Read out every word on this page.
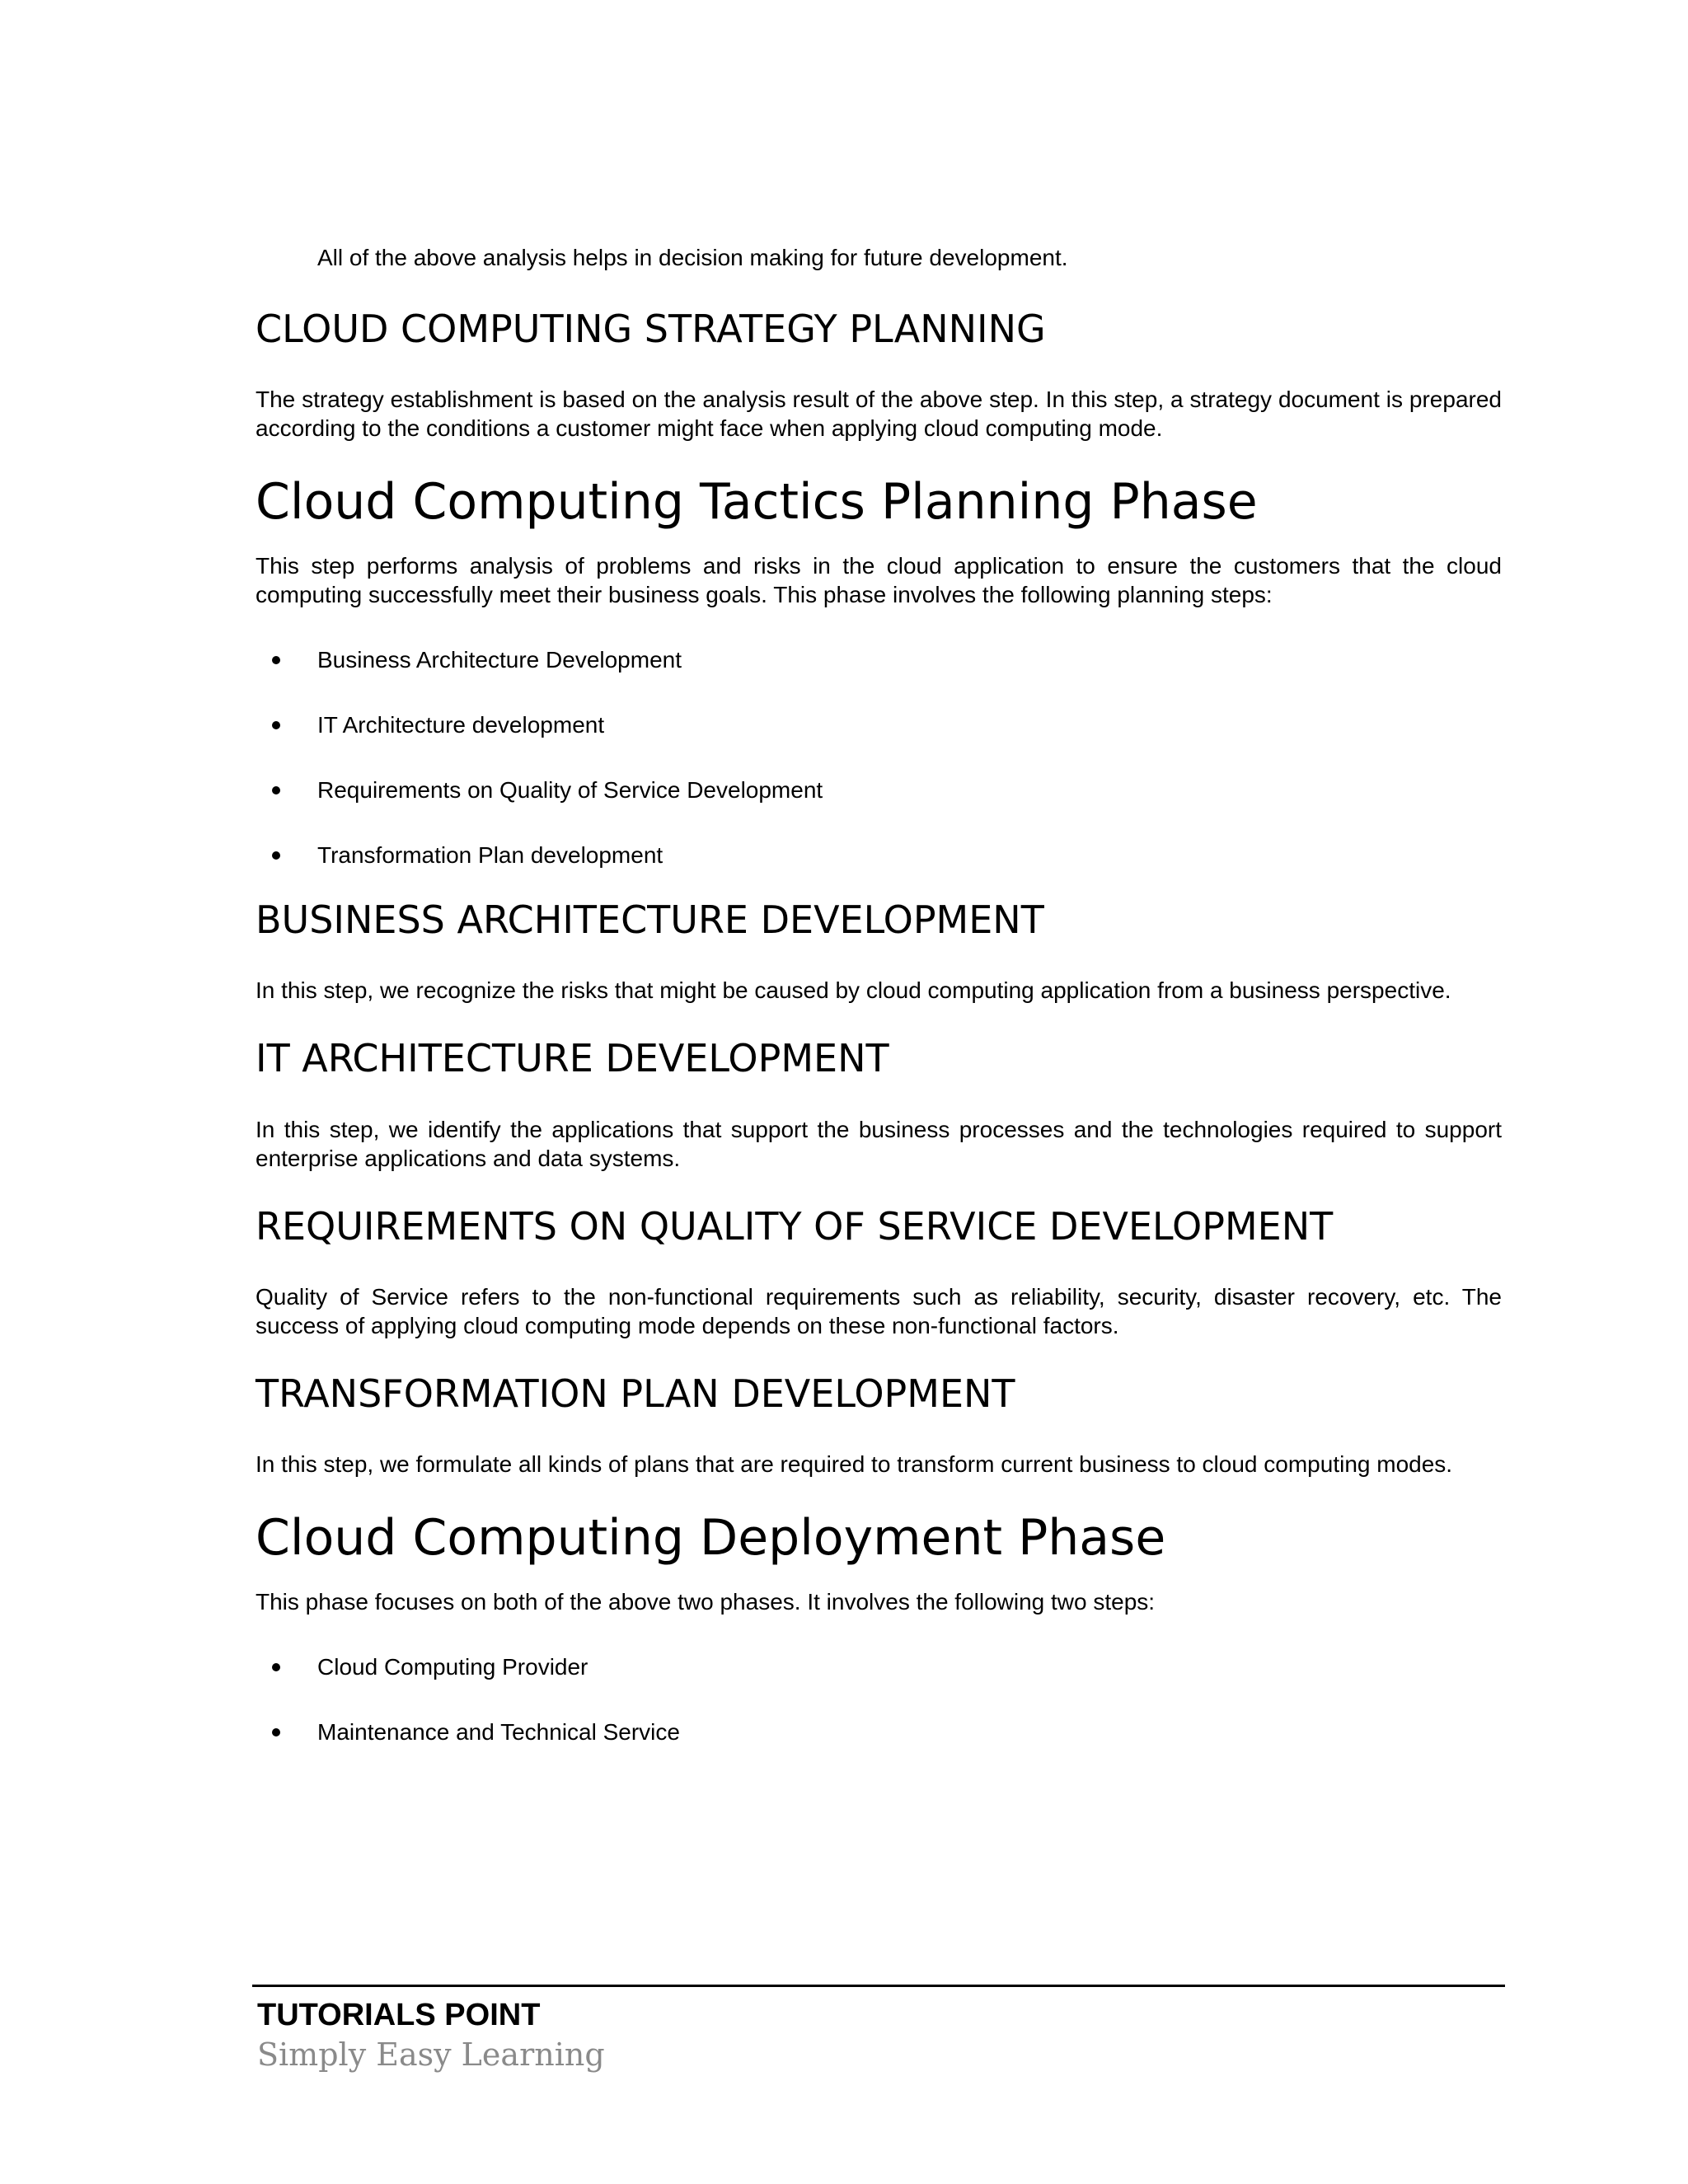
All of the above analysis helps in decision making for future development.

CLOUD COMPUTING STRATEGY PLANNING

The strategy establishment is based on the analysis result of the above step. In this step, a strategy document is prepared according to the conditions a customer might face when applying cloud computing mode.

Cloud Computing Tactics Planning Phase

This step performs analysis of problems and risks in the cloud application to ensure the customers that the cloud computing successfully meet their business goals. This phase involves the following planning steps:

Business Architecture Development
IT Architecture development
Requirements on Quality of Service Development
Transformation Plan development
BUSINESS ARCHITECTURE DEVELOPMENT

In this step, we recognize the risks that might be caused by cloud computing application from a business perspective.

IT ARCHITECTURE DEVELOPMENT

In this step, we identify the applications that support the business processes and the technologies required to support enterprise applications and data systems.

REQUIREMENTS ON QUALITY OF SERVICE DEVELOPMENT

Quality of Service refers to the non-functional requirements such as reliability, security, disaster recovery, etc. The success of applying cloud computing mode depends on these non-functional factors.

TRANSFORMATION PLAN DEVELOPMENT

In this step, we formulate all kinds of plans that are required to transform current business to cloud computing modes.

Cloud Computing Deployment Phase

This phase focuses on both of the above two phases. It involves the following two steps:

Cloud Computing Provider
Maintenance and Technical Service
TUTORIALS POINT
Simply Easy Learning
